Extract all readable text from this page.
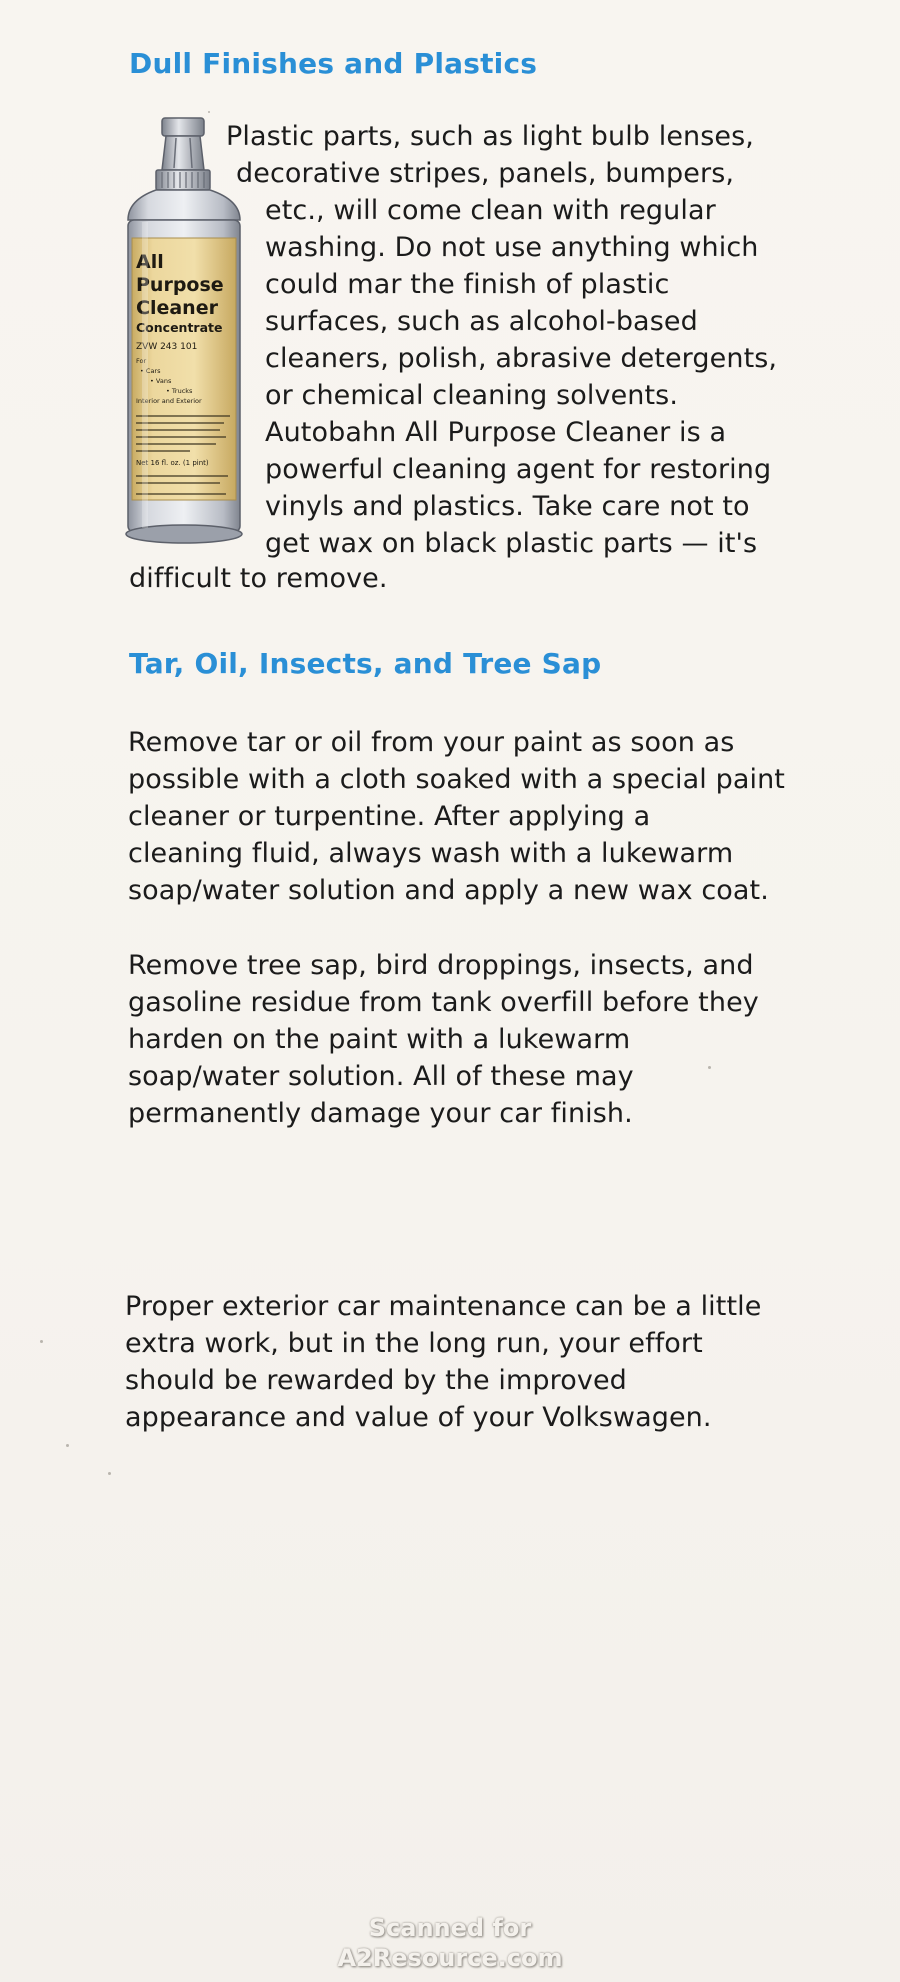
Dull Finishes and Plastics
All
Purpose
Cleaner
Concentrate
ZVW 243 101
For
• Cars
• Vans
• Trucks
Interior and Exterior
Net 16 fl. oz. (1 pint)

Plastic parts, such as light bulb lenses,

decorative stripes, panels, bumpers,

etc., will come clean with regular

washing. Do not use anything which

could mar the finish of plastic

surfaces, such as alcohol-based

cleaners, polish, abrasive detergents,

or chemical cleaning solvents.

Autobahn All Purpose Cleaner is a

powerful cleaning agent for restoring

vinyls and plastics. Take care not to

get wax on black plastic parts — it's

difficult to remove.

Tar, Oil, Insects, and Tree Sap

Remove tar or oil from your paint as soon as

possible with a cloth soaked with a special paint

cleaner or turpentine. After applying a

cleaning fluid, always wash with a lukewarm

soap/water solution and apply a new wax coat.

Remove tree sap, bird droppings, insects, and

gasoline residue from tank overfill before they

harden on the paint with a lukewarm

soap/water solution. All of these may

permanently damage your car finish.

Proper exterior car maintenance can be a little

extra work, but in the long run, your effort

should be rewarded by the improved

appearance and value of your Volkswagen.

Scanned for
A2Resource.com
